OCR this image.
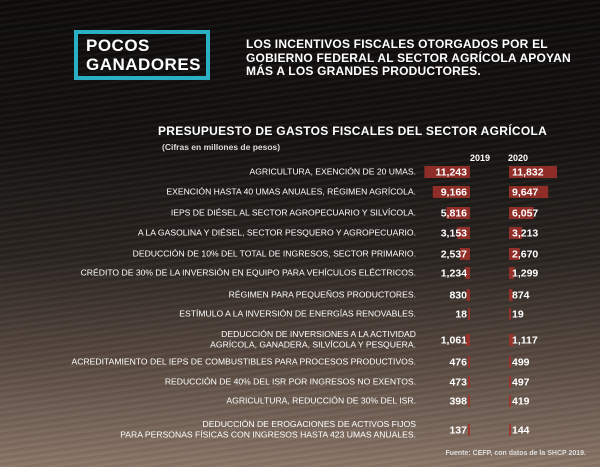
POCOS
GANADORES
LOS INCENTIVOS FISCALES OTORGADOS POR EL
GOBIERNO FEDERAL AL SECTOR AGRÍCOLA APOYAN
MÁS A LOS GRANDES PRODUCTORES.
PRESUPUESTO DE GASTOS FISCALES DEL SECTOR AGRÍCOLA
(Cifras en millones de pesos)
2019 2020
AGRICULTURA, EXENCIÓN DE 20 UMAS. 11,243	11,832
EXENCIÓN HASTA 40 UMAS ANUALES, RÉGIMEN AGRÍCOLA. 9,166	9,647
IEPS DE DIÉSEL AL SECTOR AGROPECUARIO Y SILVÍCOLA. 5,816	6,057
A LA GASOLINA Y DIÉSEL, SECTOR PESQUERO Y AGROPECUARIO. 3,153	3,213
DEDUCCIÓN DE 10% DEL TOTAL DE INGRESOS, SECTOR PRIMARIO. 2,537	2,670
CRÉDITO DE 30% DE LA INVERSIÓN EN EQUIPO PARA VEHÍCULOS ELÉCTRICOS. 1,234	1,299
RÉGIMEN PARA PEQUEÑOS PRODUCTORES.	830	874
ESTÍMULO A LA INVERSIÓN DE ENERGÍAS RENOVABLES.	18	19
DEDUCCIÓN DE INVERSIONES A LA ACTIVIDAD
AGRÍCOLA, GANADERA, SILVÍCOLA Y PESQUERA. 1,061	1,117
ACREDITAMIENTO DEL IEPS DE COMBUSTIBLES PARA PROCESOS PRODUCTIVOS.	476	499
REDUCCIÓN DE 40% DEL ISR POR INGRESOS NO EXENTOS.	473	497
AGRICULTURA, REDUCCIÓN DE 30% DEL ISR.	398	419
DEDUCCIÓN DE EROGACIONES DE ACTIVOS FIJOS
PARA PERSONAS FÍSICAS CON INGRESOS HASTA 423 UMAS ANUALES.	137	144
Fuente: CEFP, con datos de la SHCP 2019.
